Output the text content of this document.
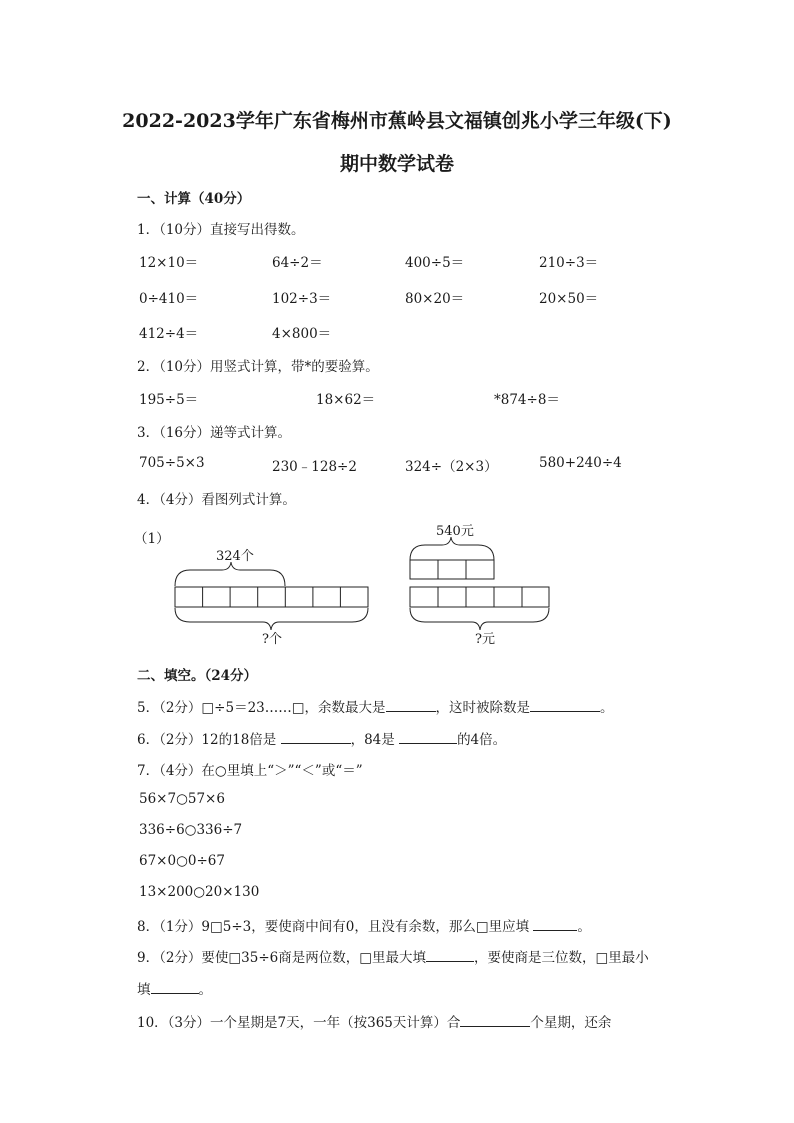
2022-2023学年广东省梅州市蕉岭县文福镇创兆小学三年级(下)
期中数学试卷
一、计算（40分）
1．（10分）直接写出得数。
12×10＝	64÷2＝	400÷5＝	210÷3＝
0÷410＝	102÷3＝	80×20＝	20×50＝
412÷4＝	4×800＝
2．（10分）用竖式计算，带*的要验算。
195÷5＝	18×62＝	*874÷8＝
3．（16分）递等式计算。
705÷5×3	230﹣128÷2	324÷（2×3）	580+240÷4
4．（4分）看图列式计算。
（1）
324个
?个
540元
?元
二、填空。（24分）
5．（2分）□÷5＝23……□，余数最大是	，这时被除数是	。
6．（2分）12的18倍是	，84是	的4倍。
7．（4分）在○里填上“＞”“＜”或“＝”
56×7○57×6
336÷6○336÷7
67×0○0÷67
13×200○20×130
8．（1分）9□5÷3，要使商中间有0，且没有余数，那么□里应填	。
9．（2分）要使□35÷6商是两位数，□里最大填	，要使商是三位数，□里最小
填	。
10．（3分）一个星期是7天，一年（按365天计算）合	个星期，还余
